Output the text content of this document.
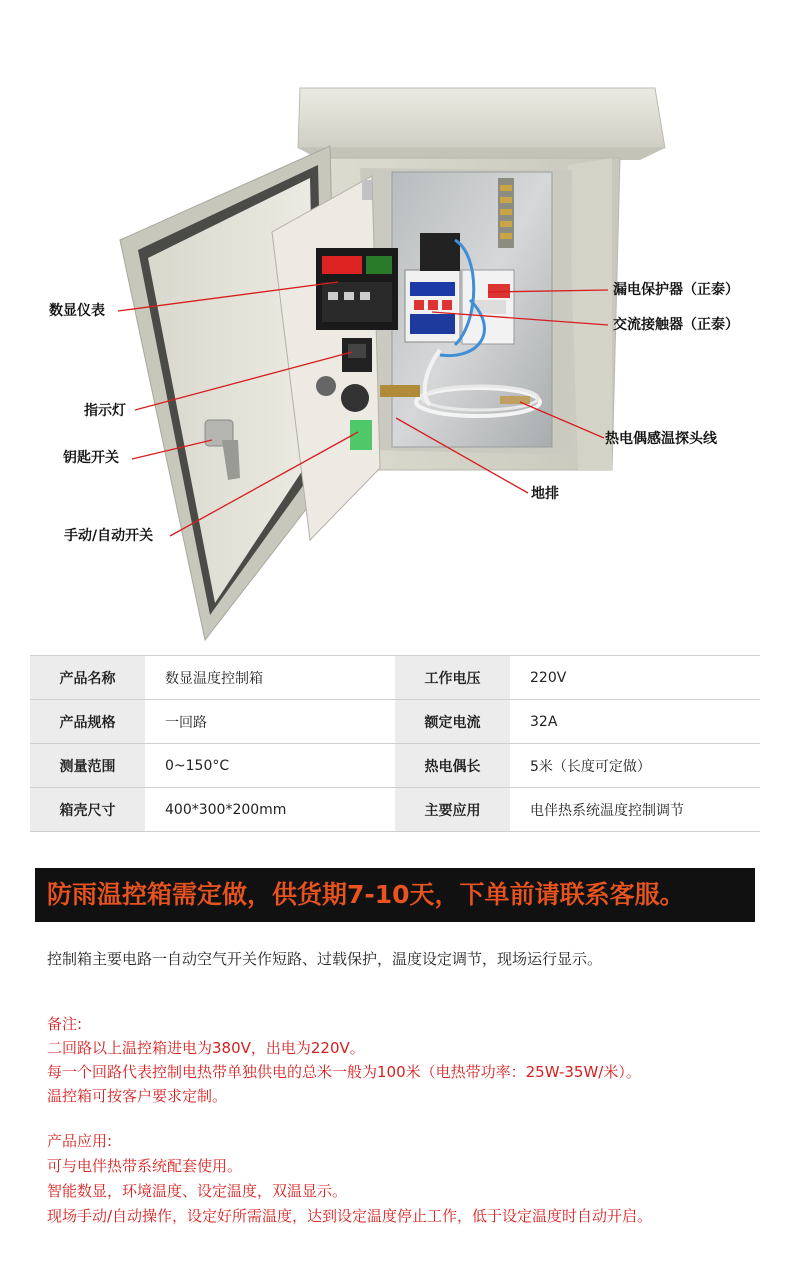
数显仪表
指示灯
钥匙开关
手动/自动开关
漏电保护器（正泰）
交流接触器（正泰）
热电偶感温探头线
地排
产品名称	数显温度控制箱	工作电压	220V
产品规格	一回路	额定电流	32A
测量范围	0~150°C	热电偶长	5米（长度可定做）
箱壳尺寸	400*300*200mm	主要应用	电伴热系统温度控制调节
防雨温控箱需定做，供货期7-10天，下单前请联系客服。
控制箱主要电路一自动空气开关作短路、过载保护，温度设定调节，现场运行显示。
备注:
二回路以上温控箱进电为380V，出电为220V。
每一个回路代表控制电热带单独供电的总米一般为100米（电热带功率：25W-35W/米）。
温控箱可按客户要求定制。
产品应用:
可与电伴热带系统配套使用。
智能数显，环境温度、设定温度，双温显示。
现场手动/自动操作，设定好所需温度，达到设定温度停止工作，低于设定温度时自动开启。
